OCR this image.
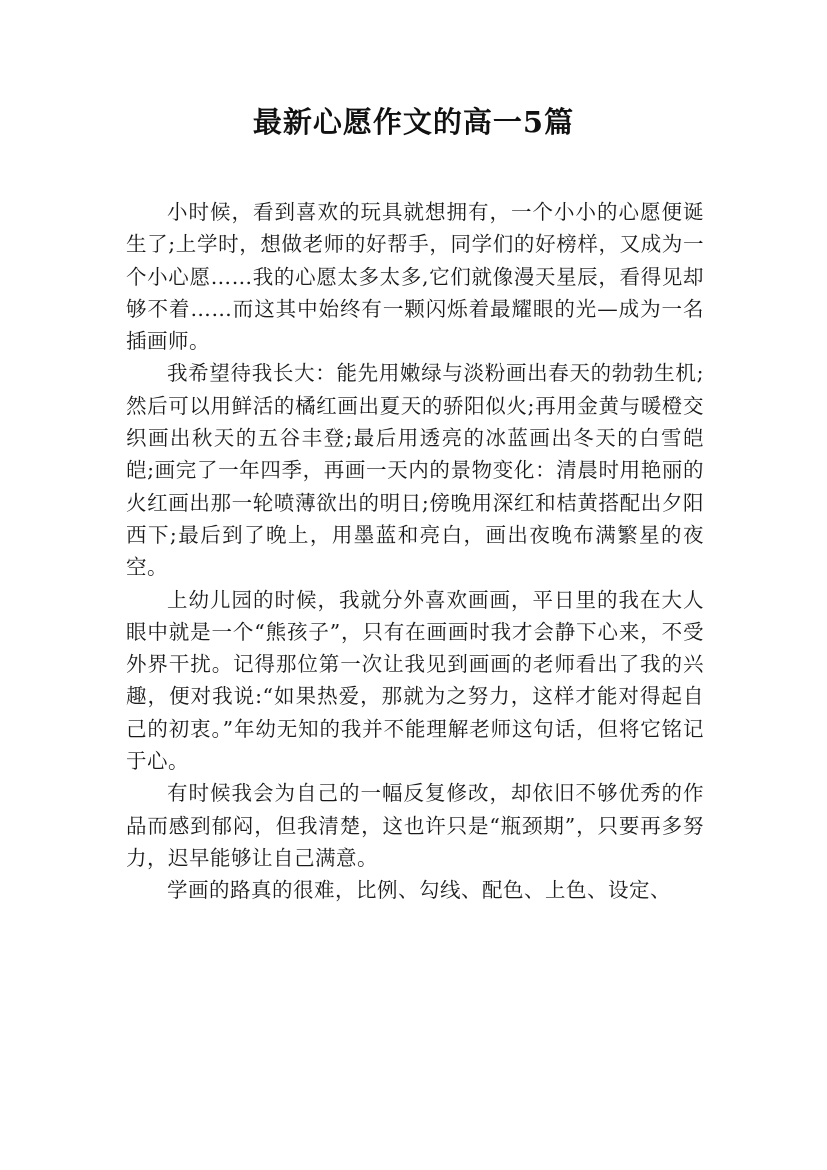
最新心愿作文的高一5篇

小时候，看到喜欢的玩具就想拥有，一个小小的心愿便诞生了;上学时，想做老师的好帮手，同学们的好榜样，又成为一个小心愿……我的心愿太多太多,它们就像漫天星辰，看得见却够不着……而这其中始终有一颗闪烁着最耀眼的光—成为一名插画师。

我希望待我长大：能先用嫩绿与淡粉画出春天的勃勃生机;然后可以用鲜活的橘红画出夏天的骄阳似火;再用金黄与暖橙交织画出秋天的五谷丰登;最后用透亮的冰蓝画出冬天的白雪皑皑;画完了一年四季，再画一天内的景物变化：清晨时用艳丽的火红画出那一轮喷薄欲出的明日;傍晚用深红和桔黄搭配出夕阳西下;最后到了晚上，用墨蓝和亮白，画出夜晚布满繁星的夜空。

上幼儿园的时候，我就分外喜欢画画，平日里的我在大人眼中就是一个“熊孩子”，只有在画画时我才会静下心来，不受外界干扰。记得那位第一次让我见到画画的老师看出了我的兴趣，便对我说:“如果热爱，那就为之努力，这样才能对得起自己的初衷。”年幼无知的我并不能理解老师这句话，但将它铭记于心。

有时候我会为自己的一幅反复修改，却依旧不够优秀的作品而感到郁闷，但我清楚，这也许只是“瓶颈期”，只要再多努力，迟早能够让自己满意。

学画的路真的很难，比例、勾线、配色、上色、设定、
